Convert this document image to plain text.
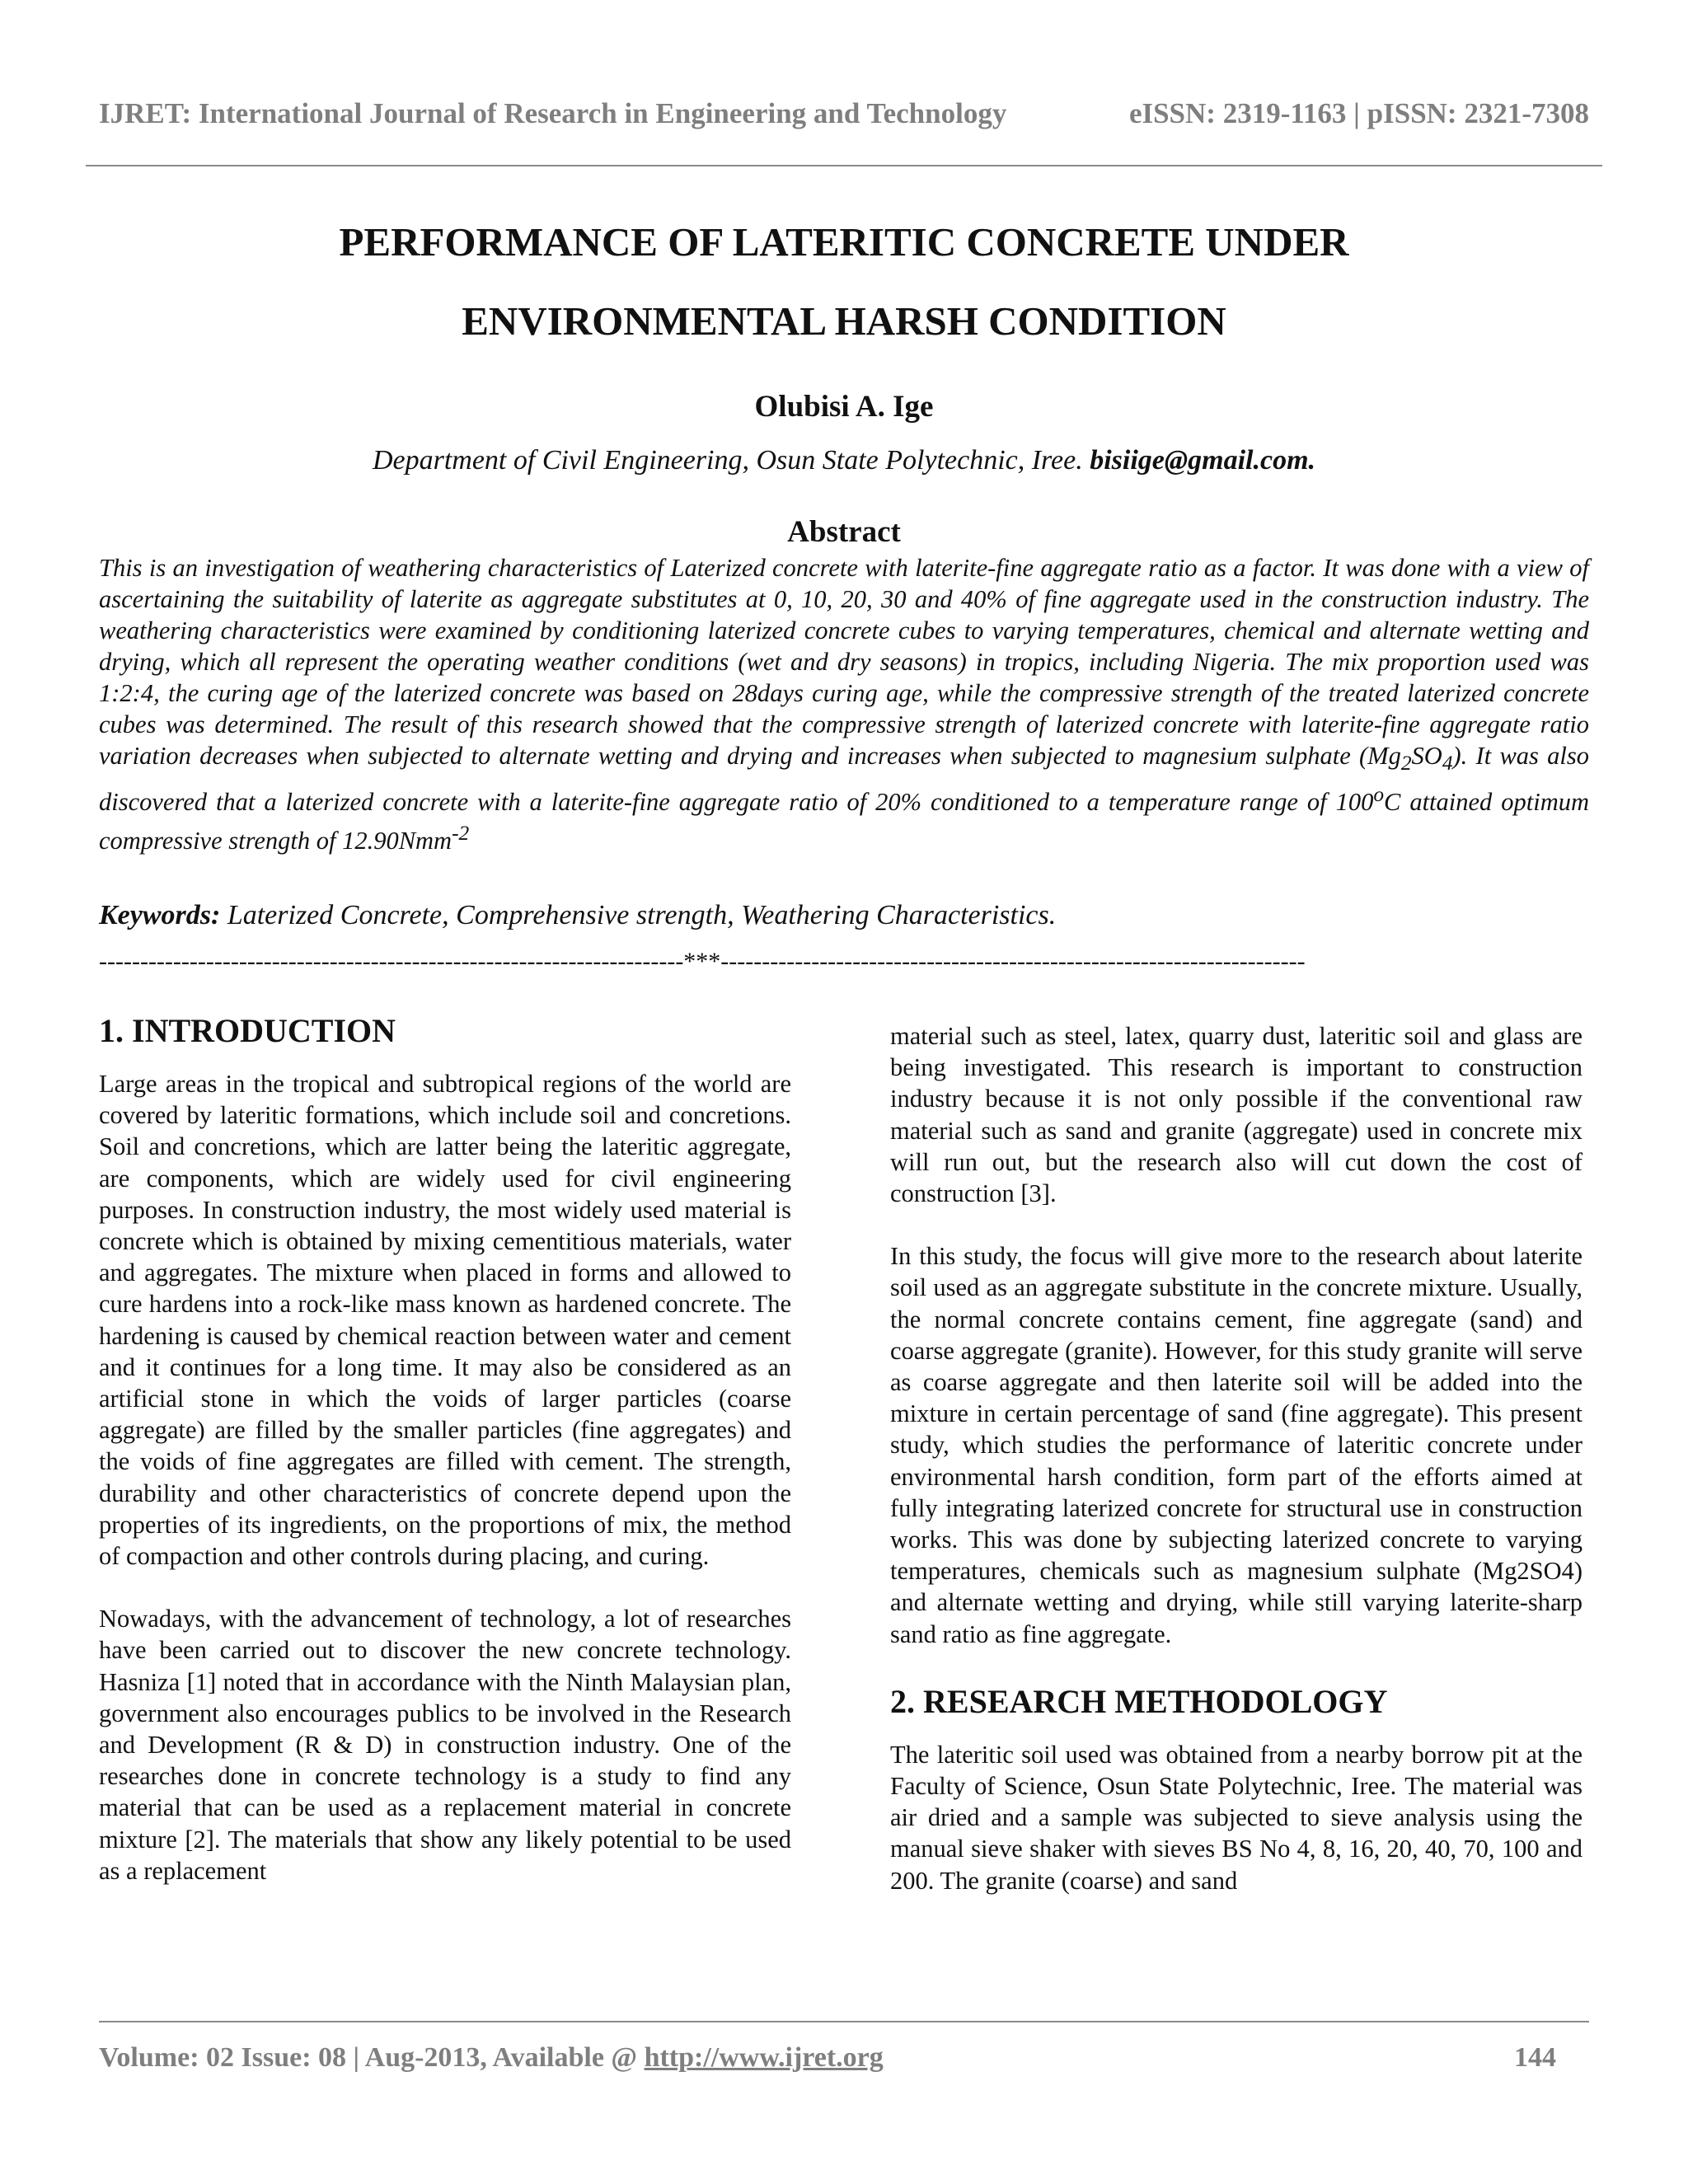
IJRET: International Journal of Research in Engineering and Technology	eISSN: 2319-1163 | pISSN: 2321-7308
PERFORMANCE OF LATERITIC CONCRETE UNDER
ENVIRONMENTAL HARSH CONDITION
Olubisi A. Ige
Department of Civil Engineering, Osun State Polytechnic, Iree. bisiige@gmail.com.
Abstract
This is an investigation of weathering characteristics of Laterized concrete with laterite-fine aggregate ratio as a factor. It was done with a view of ascertaining the suitability of laterite as aggregate substitutes at 0, 10, 20, 30 and 40% of fine aggregate used in the construction industry. The weathering characteristics were examined by conditioning laterized concrete cubes to varying temperatures, chemical and alternate wetting and drying, which all represent the operating weather conditions (wet and dry seasons) in tropics, including Nigeria. The mix proportion used was 1:2:4, the curing age of the laterized concrete was based on 28days curing age, while the compressive strength of the treated laterized concrete cubes was determined. The result of this research showed that the compressive strength of laterized concrete with laterite-fine aggregate ratio variation decreases when subjected to alternate wetting and drying and increases when subjected to magnesium sulphate $(Mg_2SO_4)$. It was also discovered that a laterized concrete with a laterite-fine aggregate ratio of 20% conditioned to a temperature range of 100$^o$C attained optimum compressive strength of 12.90Nmm$^{-2}$
Keywords: Laterized Concrete, Comprehensive strength, Weathering Characteristics.
-----------------------------------------------------------------------***-----------------------------------------------------------------------
1. INTRODUCTION

Large areas in the tropical and subtropical regions of the world are covered by lateritic formations, which include soil and concretions. Soil and concretions, which are latter being the lateritic aggregate, are components, which are widely used for civil engineering purposes. In construction industry, the most widely used material is concrete which is obtained by mixing cementitious materials, water and aggregates. The mixture when placed in forms and allowed to cure hardens into a rock-like mass known as hardened concrete. The hardening is caused by chemical reaction between water and cement and it continues for a long time. It may also be considered as an artificial stone in which the voids of larger particles (coarse aggregate) are filled by the smaller particles (fine aggregates) and the voids of fine aggregates are filled with cement. The strength, durability and other characteristics of concrete depend upon the properties of its ingredients, on the proportions of mix, the method of compaction and other controls during placing, and curing.

Nowadays, with the advancement of technology, a lot of researches have been carried out to discover the new concrete technology. Hasniza [1] noted that in accordance with the Ninth Malaysian plan, government also encourages publics to be involved in the Research and Development (R & D) in construction industry. One of the researches done in concrete technology is a study to find any material that can be used as a replacement material in concrete mixture [2]. The materials that show any likely potential to be used as a replacement

material such as steel, latex, quarry dust, lateritic soil and glass are being investigated. This research is important to construction industry because it is not only possible if the conventional raw material such as sand and granite (aggregate) used in concrete mix will run out, but the research also will cut down the cost of construction [3].

In this study, the focus will give more to the research about laterite soil used as an aggregate substitute in the concrete mixture. Usually, the normal concrete contains cement, fine aggregate (sand) and coarse aggregate (granite). However, for this study granite will serve as coarse aggregate and then laterite soil will be added into the mixture in certain percentage of sand (fine aggregate). This present study, which studies the performance of lateritic concrete under environmental harsh condition, form part of the efforts aimed at fully integrating laterized concrete for structural use in construction works. This was done by subjecting laterized concrete to varying temperatures, chemicals such as magnesium sulphate (Mg2SO4) and alternate wetting and drying, while still varying laterite-sharp sand ratio as fine aggregate.

2. RESEARCH METHODOLOGY

The lateritic soil used was obtained from a nearby borrow pit at the Faculty of Science, Osun State Polytechnic, Iree. The material was air dried and a sample was subjected to sieve analysis using the manual sieve shaker with sieves BS No 4, 8, 16, 20, 40, 70, 100 and 200. The granite (coarse) and sand

Volume: 02 Issue: 08 | Aug-2013, Available @ http://www.ijret.org	144
